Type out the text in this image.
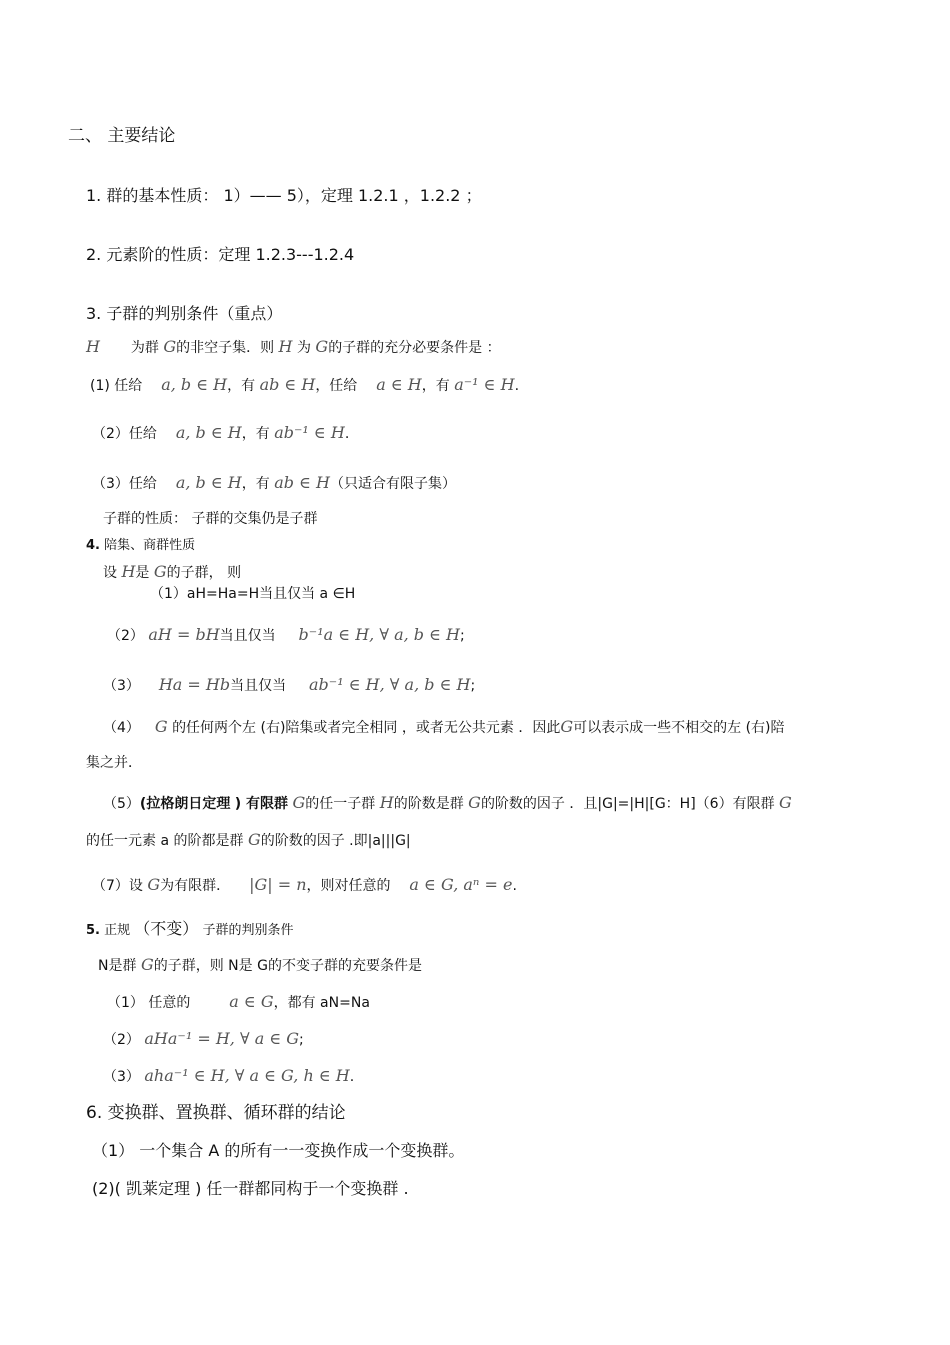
二、 主要结论
1. 群的基本性质： 1）—— 5），定理 1.2.1 ，1.2.2 ；
2. 元素阶的性质：定理 1.2.3---1.2.4
3. 子群的判别条件（重点）
H 为群 G的非空子集．则 H 为 G的子群的充分必要条件是 ：
(1) 任给 a, b ∈ H，有 ab ∈ H，任给 a ∈ H，有 a⁻¹ ∈ H.
（2）任给 a, b ∈ H，有 ab⁻¹ ∈ H.
（3）任给 a, b ∈ H，有 ab ∈ H（只适合有限子集）
子群的性质： 子群的交集仍是子群
4. 陪集、商群性质
设 H是 G的子群， 则
（1）aH=Ha=H当且仅当 a ∈H
（2） aH = bH当且仅当 b⁻¹a ∈ H, ∀ a, b ∈ H;
（3） Ha = Hb当且仅当 ab⁻¹ ∈ H, ∀ a, b ∈ H;
（4） G 的任何两个左 (右)陪集或者完全相同 ，或者无公共元素 ．因此G可以表示成一些不相交的左 (右)陪
集之并．
（5）(拉格朗日定理 ) 有限群 G的任一子群 H的阶数是群 G的阶数的因子 ．且|G|=|H|[G：H]（6）有限群 G
的任一元素 a 的阶都是群 G的阶数的因子 .即|a|||G|
（7）设 G为有限群． |G| = n，则对任意的 a ∈ G, aⁿ = e.
5. 正规 （不变） 子群的判别条件
N是群 G的子群，则 N是 G的不变子群的充要条件是
（1） 任意的 a ∈ G，都有 aN=Na
（2） aHa⁻¹ = H, ∀ a ∈ G;
（3） aha⁻¹ ∈ H, ∀ a ∈ G, h ∈ H.
6. 变换群、置换群、循环群的结论
（1） 一个集合 A 的所有一一变换作成一个变换群。
(2)( 凯莱定理 ) 任一群都同构于一个变换群 .
